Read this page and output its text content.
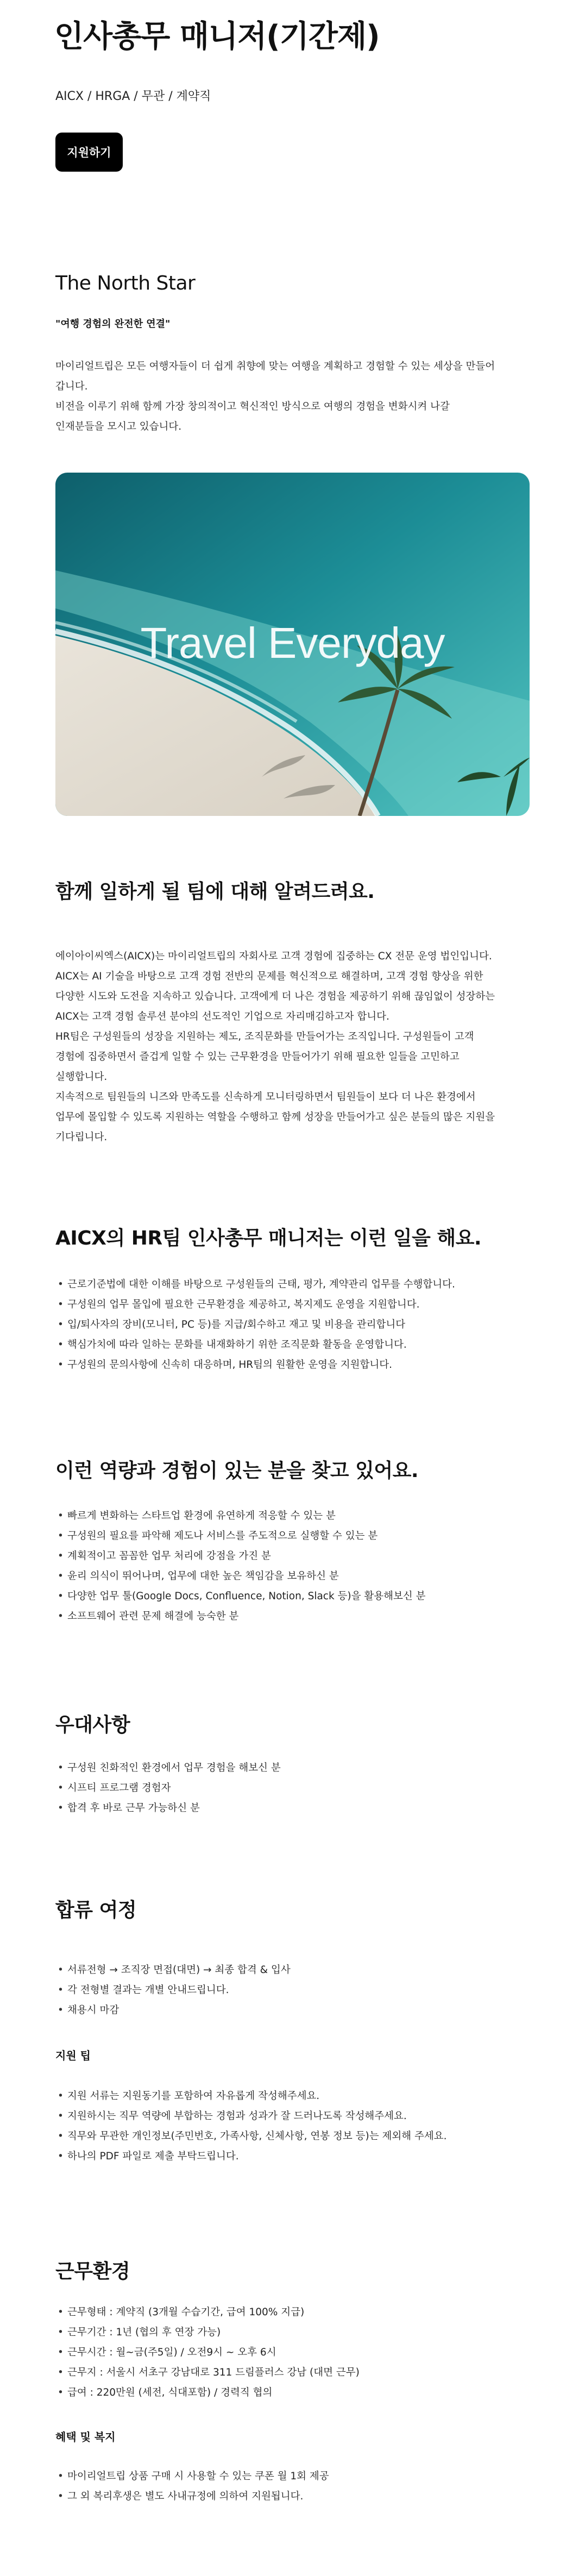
인사총무 매니저(기간제)
AICX / HRGA / 무관 / 계약직
지원하기
The North Star
"여행 경험의 완전한 연결"

마이리얼트립은 모든 여행자들이 더 쉽게 취향에 맞는 여행을 계획하고 경험할 수 있는 세상을 만들어

갑니다.

비전을 이루기 위해 함께 가장 창의적이고 혁신적인 방식으로 여행의 경험을 변화시켜 나갈

인재분들을 모시고 있습니다.

Travel Everyday
함께 일하게 될 팀에 대해 알려드려요.

에이아이씨엑스(AICX)는 마이리얼트립의 자회사로 고객 경험에 집중하는 CX 전문 운영 법인입니다.

AICX는 AI 기술을 바탕으로 고객 경험 전반의 문제를 혁신적으로 해결하며, 고객 경험 향상을 위한

다양한 시도와 도전을 지속하고 있습니다. 고객에게 더 나은 경험을 제공하기 위해 끊임없이 성장하는

AICX는 고객 경험 솔루션 분야의 선도적인 기업으로 자리매김하고자 합니다.

HR팀은 구성원들의 성장을 지원하는 제도, 조직문화를 만들어가는 조직입니다. 구성원들이 고객

경험에 집중하면서 즐겁게 일할 수 있는 근무환경을 만들어가기 위해 필요한 일들을 고민하고

실행합니다.

지속적으로 팀원들의 니즈와 만족도를 신속하게 모니터링하면서 팀원들이 보다 더 나은 환경에서

업무에 몰입할 수 있도록 지원하는 역할을 수행하고 함께 성장을 만들어가고 싶은 분들의 많은 지원을

기다립니다.

AICX의 HR팀 인사총무 매니저는 이런 일을 해요.
• 근로기준법에 대한 이해를 바탕으로 구성원들의 근태, 평가, 계약관리 업무를 수행합니다.
• 구성원의 업무 몰입에 필요한 근무환경을 제공하고, 복지제도 운영을 지원합니다.
• 입/퇴사자의 장비(모니터, PC 등)를 지급/회수하고 재고 및 비용을 관리합니다
• 핵심가치에 따라 일하는 문화를 내재화하기 위한 조직문화 활동을 운영합니다.
• 구성원의 문의사항에 신속히 대응하며, HR팀의 원활한 운영을 지원합니다.
이런 역량과 경험이 있는 분을 찾고 있어요.
• 빠르게 변화하는 스타트업 환경에 유연하게 적응할 수 있는 분
• 구성원의 필요를 파악해 제도나 서비스를 주도적으로 실행할 수 있는 분
• 계획적이고 꼼꼼한 업무 처리에 강점을 가진 분
• 윤리 의식이 뛰어나며, 업무에 대한 높은 책임감을 보유하신 분
• 다양한 업무 툴(Google Docs, Confluence, Notion, Slack 등)을 활용해보신 분
• 소프트웨어 관련 문제 해결에 능숙한 분
우대사항
• 구성원 친화적인 환경에서 업무 경험을 해보신 분
• 시프티 프로그램 경험자
• 합격 후 바로 근무 가능하신 분
합류 여정
• 서류전형 → 조직장 면접(대면) → 최종 합격 & 입사
• 각 전형별 결과는 개별 안내드립니다.
• 채용시 마감
지원 팁
• 지원 서류는 지원동기를 포함하여 자유롭게 작성해주세요.
• 지원하시는 직무 역량에 부합하는 경험과 성과가 잘 드러나도록 작성해주세요.
• 직무와 무관한 개인정보(주민번호, 가족사항, 신체사항, 연봉 정보 등)는 제외해 주세요.
• 하나의 PDF 파일로 제출 부탁드립니다.
근무환경
• 근무형태 : 계약직 (3개월 수습기간, 급여 100% 지급)
• 근무기간 : 1년 (협의 후 연장 가능)
• 근무시간 : 월~금(주5일) / 오전9시 ~ 오후 6시
• 근무지 : 서울시 서초구 강남대로 311 드림플러스 강남 (대면 근무)
• 급여 : 220만원 (세전, 식대포함) / 경력직 협의
혜택 및 복지
• 마이리얼트립 상품 구매 시 사용할 수 있는 쿠폰 월 1회 제공
• 그 외 복리후생은 별도 사내규정에 의하여 지원됩니다.
